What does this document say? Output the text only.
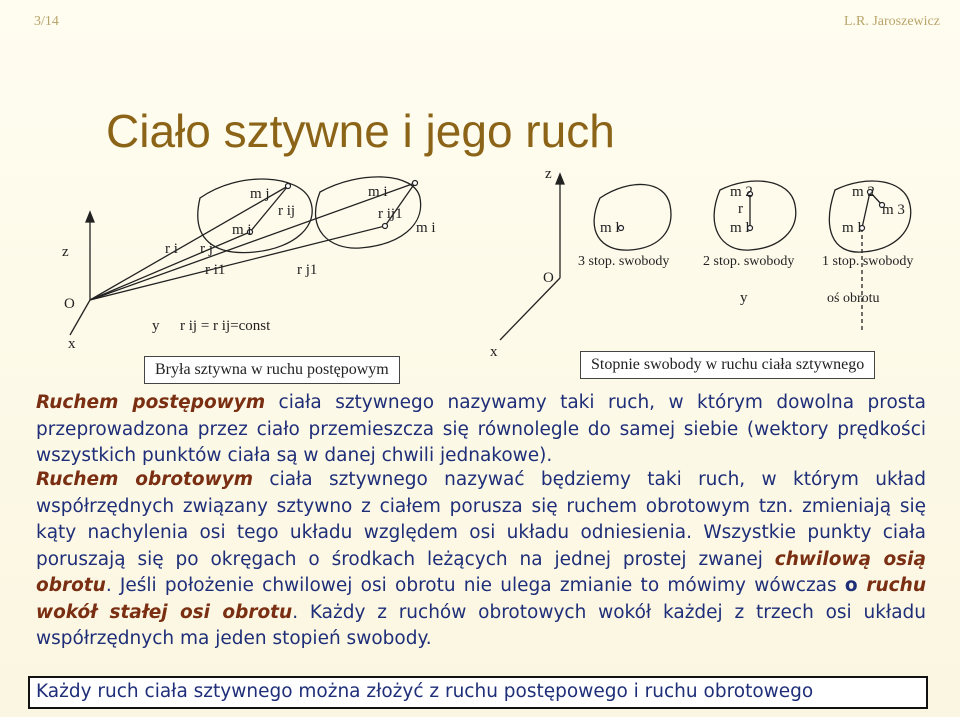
3/14	L.R. Jaroszewicz
Ciało sztywne i jego ruch
z
O
y
x
m j
m i
r ij
m i
r ij1
m i
r i r j
r i1	r j1
r ij = r ij=const
Bryła sztywna w ruchu postępowym
z
O
x
y
m l
m 2
r
m l
m 2
m 3
m l
3 stop. swobody 2 stop. swobody 1 stop. swobody
oś obrotu
Stopnie swobody w ruchu ciała sztywnego
Ruchem postępowym ciała sztywnego nazywamy taki ruch, w którym dowolna prosta przeprowadzona przez ciało przemieszcza się równolegle do samej siebie (wektory prędkości wszystkich punktów ciała są w danej chwili jednakowe).
Ruchem obrotowym ciała sztywnego nazywać będziemy taki ruch, w którym układ współrzędnych związany sztywno z ciałem porusza się ruchem obrotowym tzn. zmieniają się kąty nachylenia osi tego układu względem osi układu odniesienia. Wszystkie punkty ciała poruszają się po okręgach o środkach leżących na jednej prostej zwanej chwilową osią obrotu. Jeśli położenie chwilowej osi obrotu nie ulega zmianie to mówimy wówczas o ruchu wokół stałej osi obrotu. Każdy z ruchów obrotowych wokół każdej z trzech osi układu współrzędnych ma jeden stopień swobody.
Każdy ruch ciała sztywnego można złożyć z ruchu postępowego i ruchu obrotowego
